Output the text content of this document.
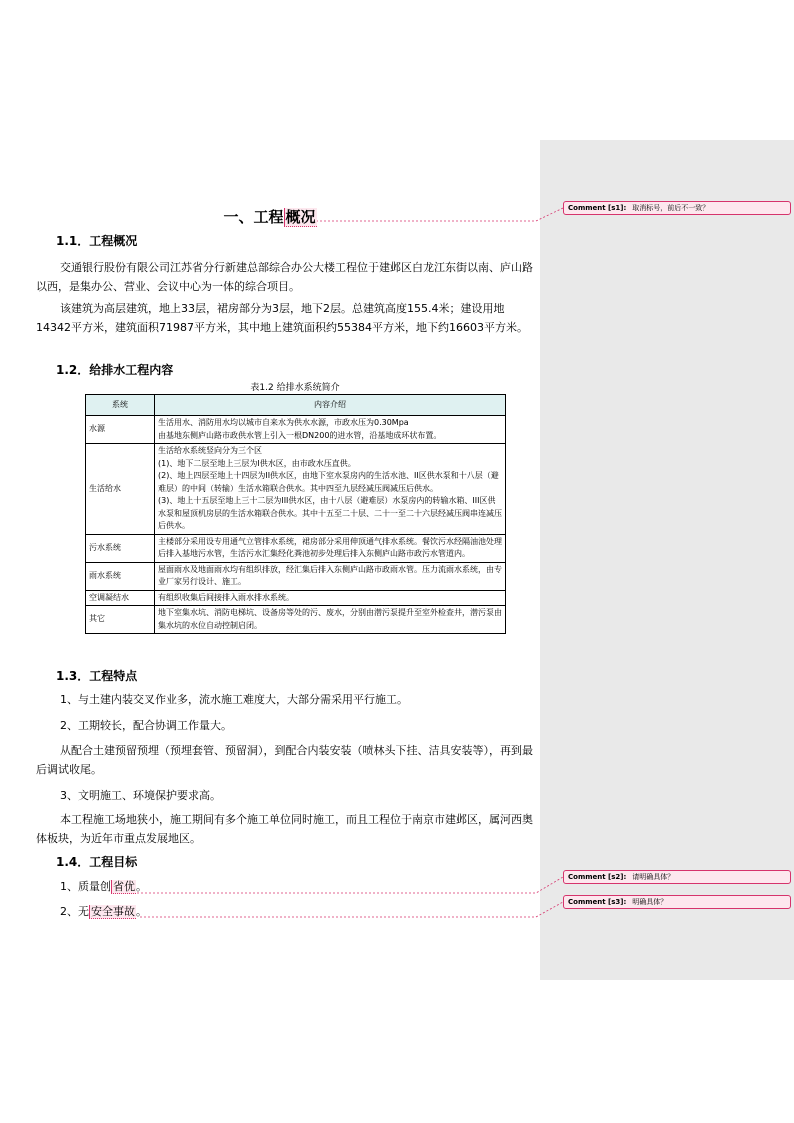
一、工程 概况
1.1．工程概况
交通银行股份有限公司江苏省分行新建总部综合办公大楼工程位于建邺区白龙江东街以南、庐山路以西，是集办公、营业、会议中心为一体的综合项目。
该建筑为高层建筑，地上33层，裙房部分为3层，地下2层。总建筑高度155.4米；建设用地14342平方米，建筑面积71987平方米，其中地上建筑面积约55384平方米，地下约16603平方米。
1.2．给排水工程内容
表1.2 给排水系统简介
系统	内容介绍
水源	生活用水、消防用水均以城市自来水为供水水源，市政水压为0.30Mpa
由基地东侧庐山路市政供水管上引入一根DN200的进水管，沿基地成环状布置。
生活给水	生活给水系统竖向分为三个区
(1)、地下二层至地上三层为I供水区，由市政水压直供。
(2)、地上四层至地上十四层为II供水区，由地下室水泵房内的生活水池、II区供水泵和十八层（避难层）的中间（转输）生活水箱联合供水。其中四至九层经减压阀减压后供水。
(3)、地上十五层至地上三十二层为III供水区，由十八层（避难层）水泵房内的转输水箱、III区供水泵和屋顶机房层的生活水箱联合供水。其中十五至二十层、二十一至二十六层经减压阀串连减压后供水。
污水系统	主楼部分采用设专用通气立管排水系统，裙房部分采用伸顶通气排水系统。餐饮污水经隔油池处理后排入基地污水管，生活污水汇集经化粪池初步处理后排入东侧庐山路市政污水管道内。
雨水系统	屋面雨水及地面雨水均有组织排放，经汇集后排入东侧庐山路市政雨水管。压力流雨水系统，由专业厂家另行设计、施工。
空调凝结水	有组织收集后间接排入雨水排水系统。
其它	地下室集水坑、消防电梯坑、设备房等处的污、废水，分别由潜污泵提升至室外检查井，潜污泵由集水坑的水位自动控制启闭。
1.3．工程特点
1、与土建内装交叉作业多，流水施工难度大，大部分需采用平行施工。
2、工期较长，配合协调工作量大。
从配合土建预留预埋（预埋套管、预留洞），到配合内装安装（喷林头下挂、洁具安装等），再到最后调试收尾。
3、文明施工、环境保护要求高。
本工程施工场地狭小，施工期间有多个施工单位同时施工，而且工程位于南京市建邺区，属河西奥体板块，为近年市重点发展地区。
1.4．工程目标
1、质量创 省优。
2、无 安全事故。
Comment [s1]: 取消标号，前后不一致？
Comment [s2]: 请明确具体？
Comment [s3]: 明确具体？
